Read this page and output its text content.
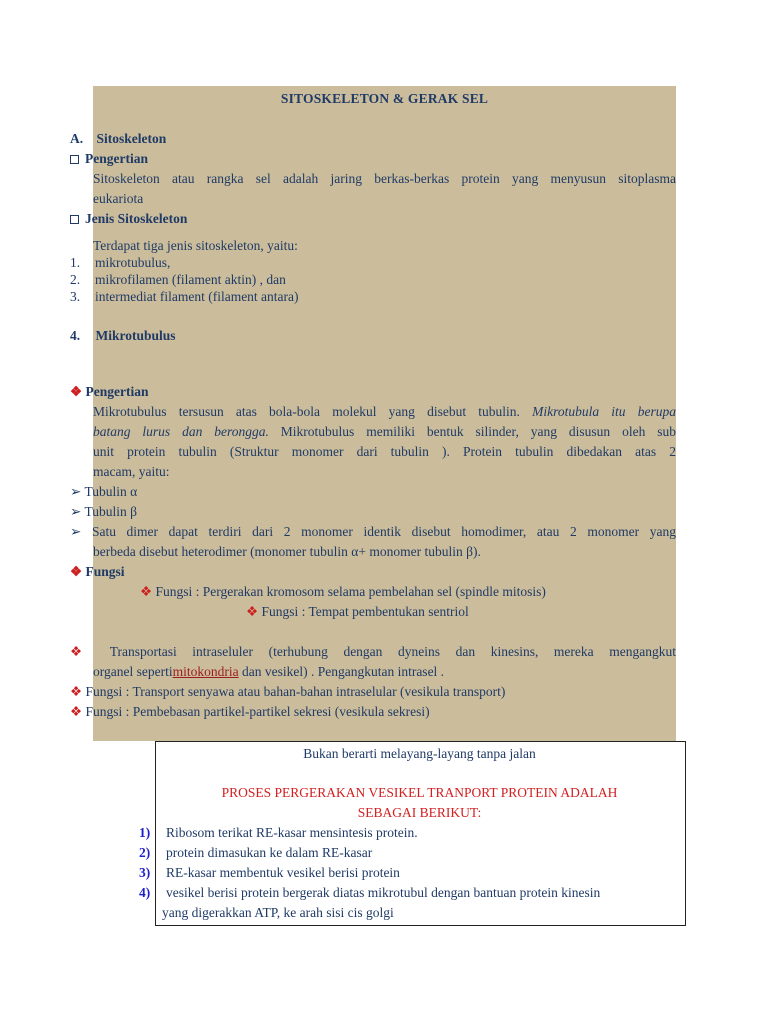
SITOSKELETON & GERAK SEL
A. Sitoskeleton
Pengertian
Sitoskeleton atau rangka sel adalah jaring berkas-berkas protein yang menyusun sitoplasma
eukariota
Jenis Sitoskeleton
Terdapat tiga jenis sitoskeleton, yaitu:
1. mikrotubulus,
2. mikrofilamen (filament aktin) , dan
3. intermediat filament (filament antara)
4. Mikrotubulus
❖ Pengertian
Mikrotubulus tersusun atas bola-bola molekul yang disebut tubulin. Mikrotubula itu berupa
batang lurus dan berongga. Mikrotubulus memiliki bentuk silinder, yang disusun oleh sub
unit protein tubulin (Struktur monomer dari tubulin ). Protein tubulin dibedakan atas 2
macam, yaitu:
➢ Tubulin α
➢ Tubulin β
➢ Satu dimer dapat terdiri dari 2 monomer identik disebut homodimer, atau 2 monomer yang
berbeda disebut heterodimer (monomer tubulin α+ monomer tubulin β).
❖ Fungsi
❖ Fungsi : Pergerakan kromosom selama pembelahan sel (spindle mitosis)
❖ Fungsi : Tempat pembentukan sentriol
❖ Transportasi intraseluler (terhubung dengan dyneins dan kinesins, mereka mengangkut
organel sepertimitokondria dan vesikel) . Pengangkutan intrasel .
❖ Fungsi : Transport senyawa atau bahan-bahan intraselular (vesikula transport)
❖ Fungsi : Pembebasan partikel-partikel sekresi (vesikula sekresi)
Bukan berarti melayang-layang tanpa jalan
PROSES PERGERAKAN VESIKEL TRANPORT PROTEIN ADALAH
SEBAGAI BERIKUT:
1) Ribosom terikat RE-kasar mensintesis protein.
2) protein dimasukan ke dalam RE-kasar
3) RE-kasar membentuk vesikel berisi protein
4) vesikel berisi protein bergerak diatas mikrotubul dengan bantuan protein kinesin
yang digerakkan ATP, ke arah sisi cis golgi
